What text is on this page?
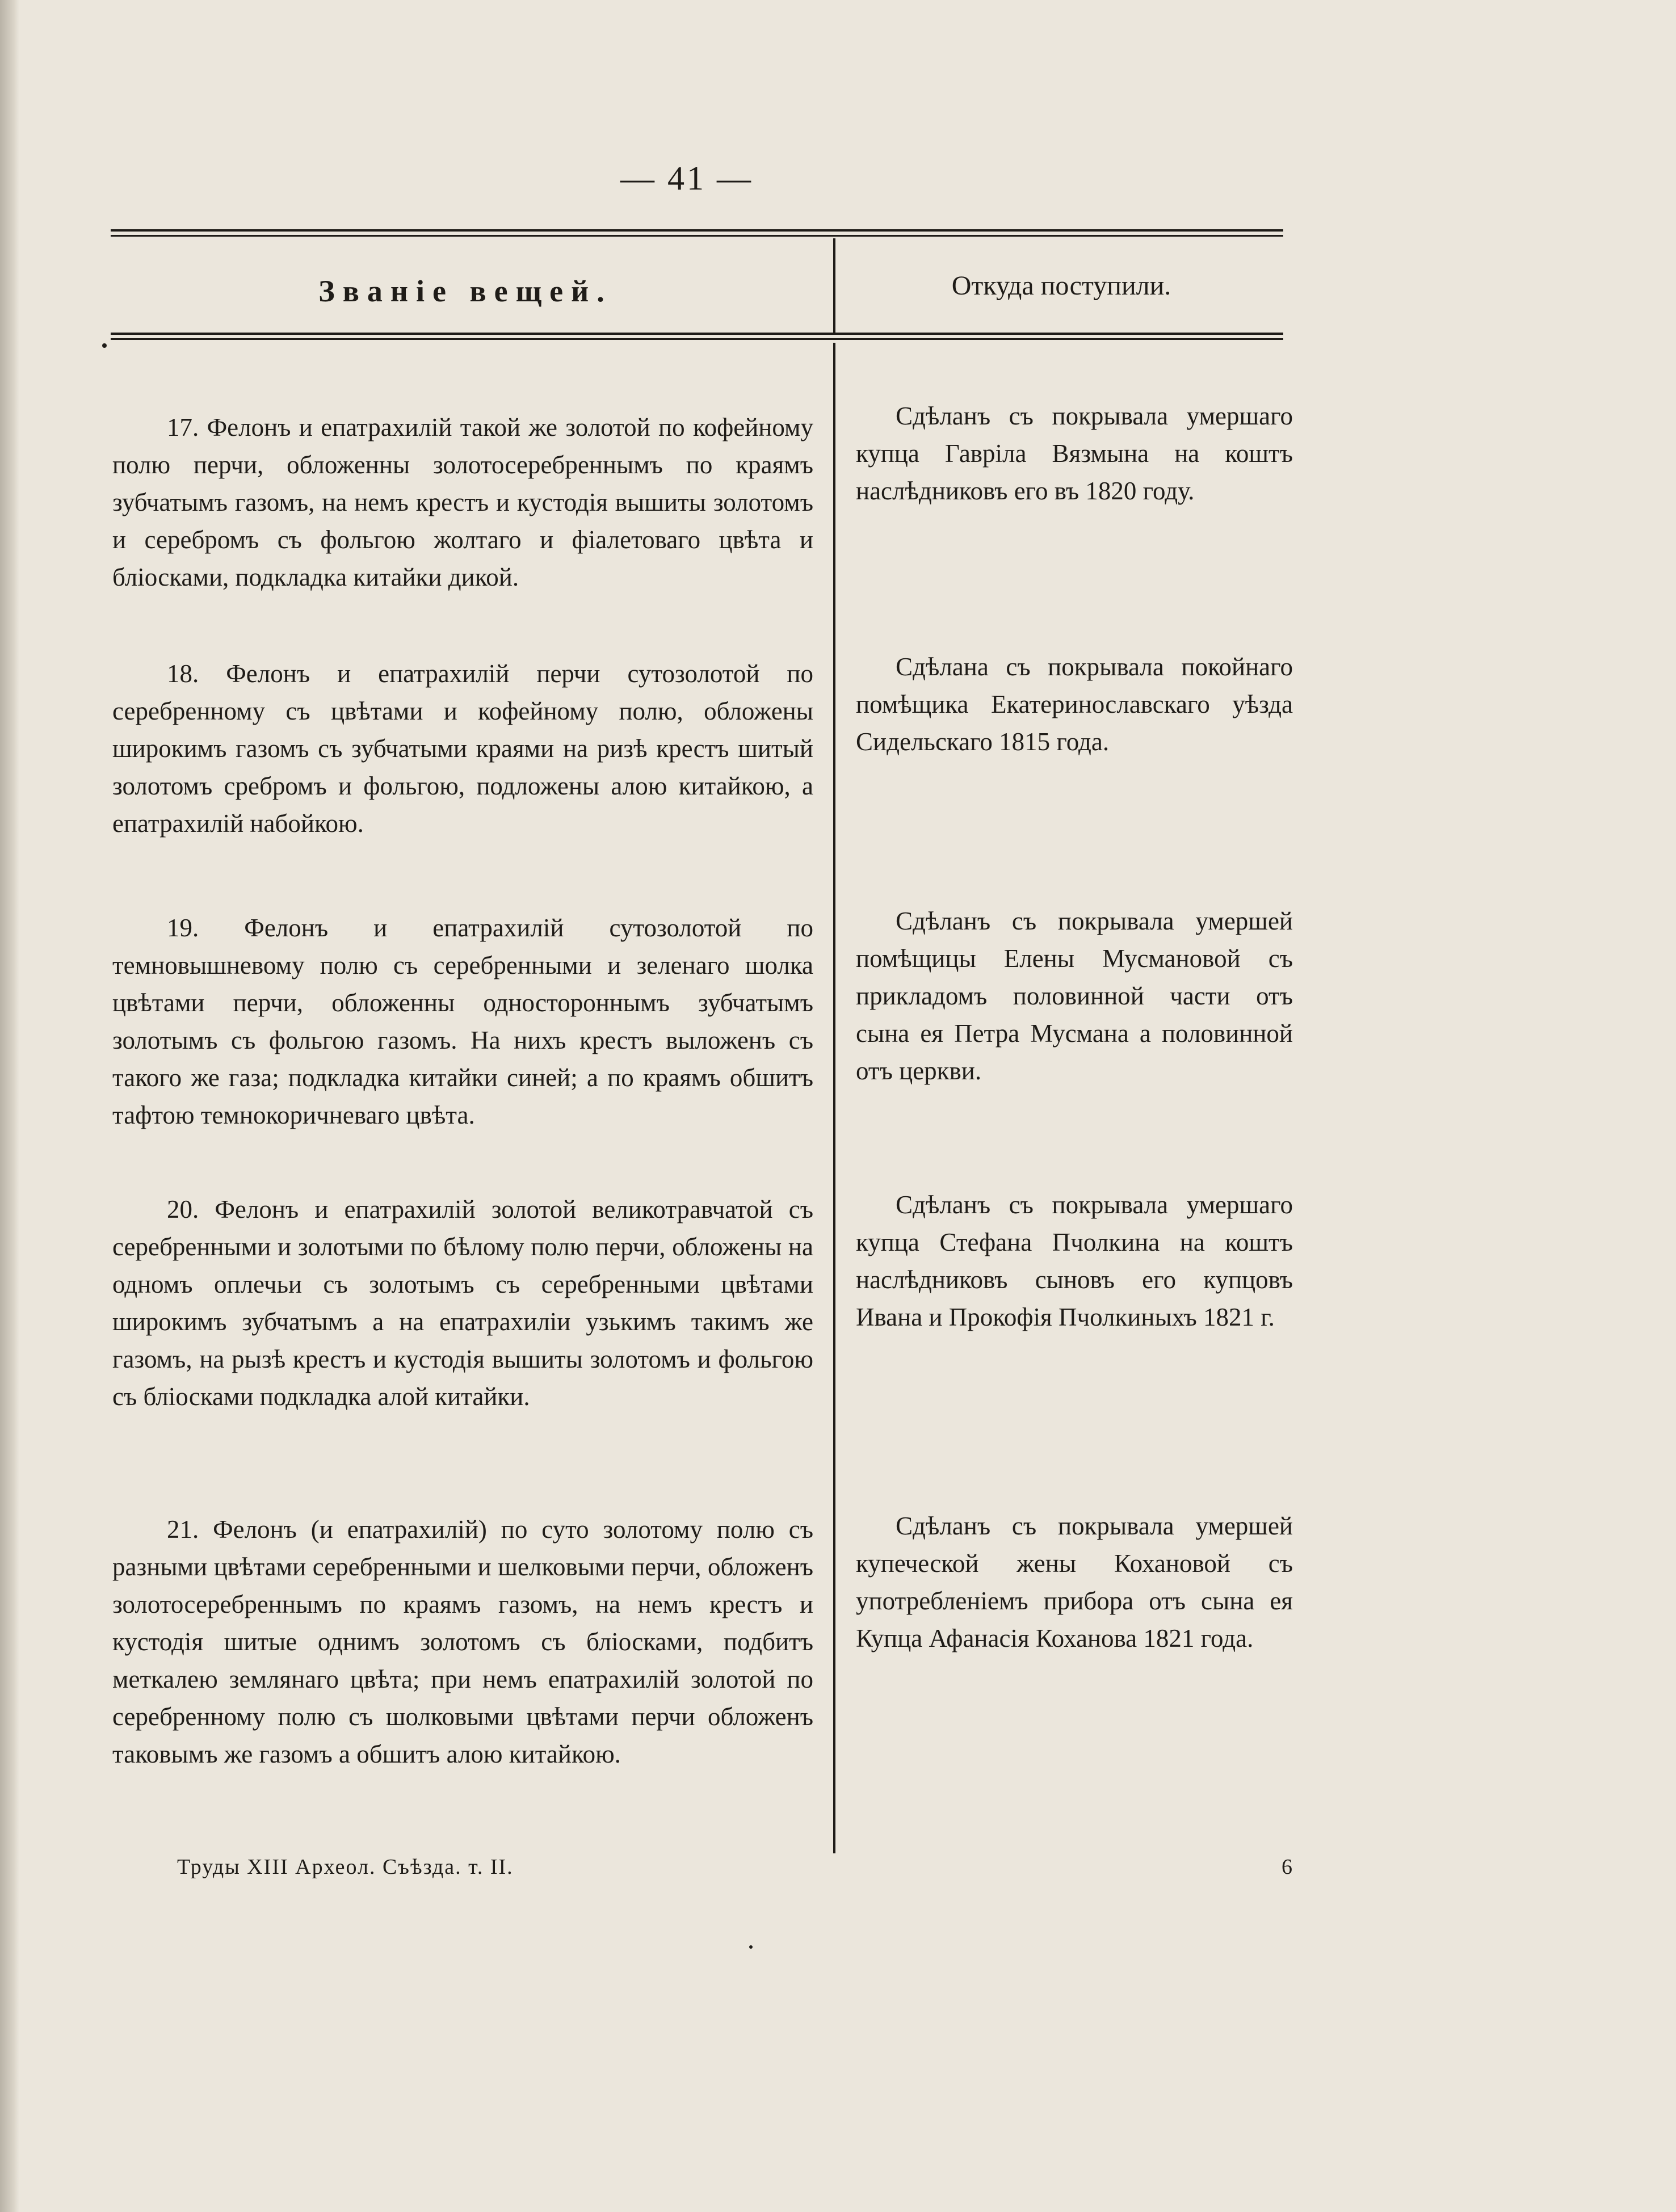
— 41 —
Званіе вещей.	Откуда поступили.

17. Фелонъ и епатрахилій такой же золотой по кофейному полю перчи, обложенны золотосеребреннымъ по краямъ зубчатымъ газомъ, на немъ крестъ и кустодія вышиты золотомъ и серебромъ съ фольгою жолтаго и фіалетоваго цвѣта и бліосками, подкладка китайки дикой.

18. Фелонъ и епатрахилій перчи сутозолотой по серебренному съ цвѣтами и кофейному полю, обложены широкимъ газомъ съ зубчатыми краями на ризѣ крестъ шитый золотомъ сребромъ и фольгою, подложены алою китайкою, а епатрахилій набойкою.

19. Фелонъ и епатрахилій сутозолотой по темновышневому полю съ серебренными и зеленаго шолка цвѣтами перчи, обложенны одностороннымъ зубчатымъ золотымъ съ фольгою газомъ. На нихъ крестъ выложенъ съ такого же газа; подкладка китайки синей; а по краямъ обшитъ тафтою темнокоричневаго цвѣта.

20. Фелонъ и епатрахилій золотой великотравчатой съ серебренными и золотыми по бѣлому полю перчи, обложены на одномъ оплечьи съ золотымъ съ серебренными цвѣтами широкимъ зубчатымъ а на епатрахиліи узькимъ такимъ же газомъ, на рызѣ крестъ и кустодія вышиты золотомъ и фольгою съ бліосками подкладка алой китайки.

21. Фелонъ (и епатрахилій) по суто золотому полю съ разными цвѣтами серебренными и шелковыми перчи, обложенъ золотосеребреннымъ по краямъ газомъ, на немъ крестъ и кустодія шитые однимъ золотомъ съ бліосками, подбитъ меткалею землянаго цвѣта; при немъ епатрахилій золотой по серебренному полю съ шолковыми цвѣтами перчи обложенъ таковымъ же газомъ а обшитъ алою китайкою.

Сдѣланъ съ покрывала умершаго купца Гавріла Вязмына на коштъ наслѣдниковъ его въ 1820 году.

Сдѣлана съ покрывала покойнаго помѣщика Екатеринославскаго уѣзда Сидельскаго 1815 года.

Сдѣланъ съ покрывала умершей помѣщицы Елены Мусмановой съ прикладомъ половинной части отъ сына ея Петра Мусмана а половинной отъ церкви.

Сдѣланъ съ покрывала умершаго купца Стефана Пчолкина на коштъ наслѣдниковъ сыновъ его купцовъ Ивана и Прокофія Пчолкиныхъ 1821 г.

Сдѣланъ съ покрывала умершей купеческой жены Кохановой съ употребленіемъ прибора отъ сына ея Купца Афанасія Коханова 1821 года.

Труды XIII Археол. Съѣзда. т. II.	6
